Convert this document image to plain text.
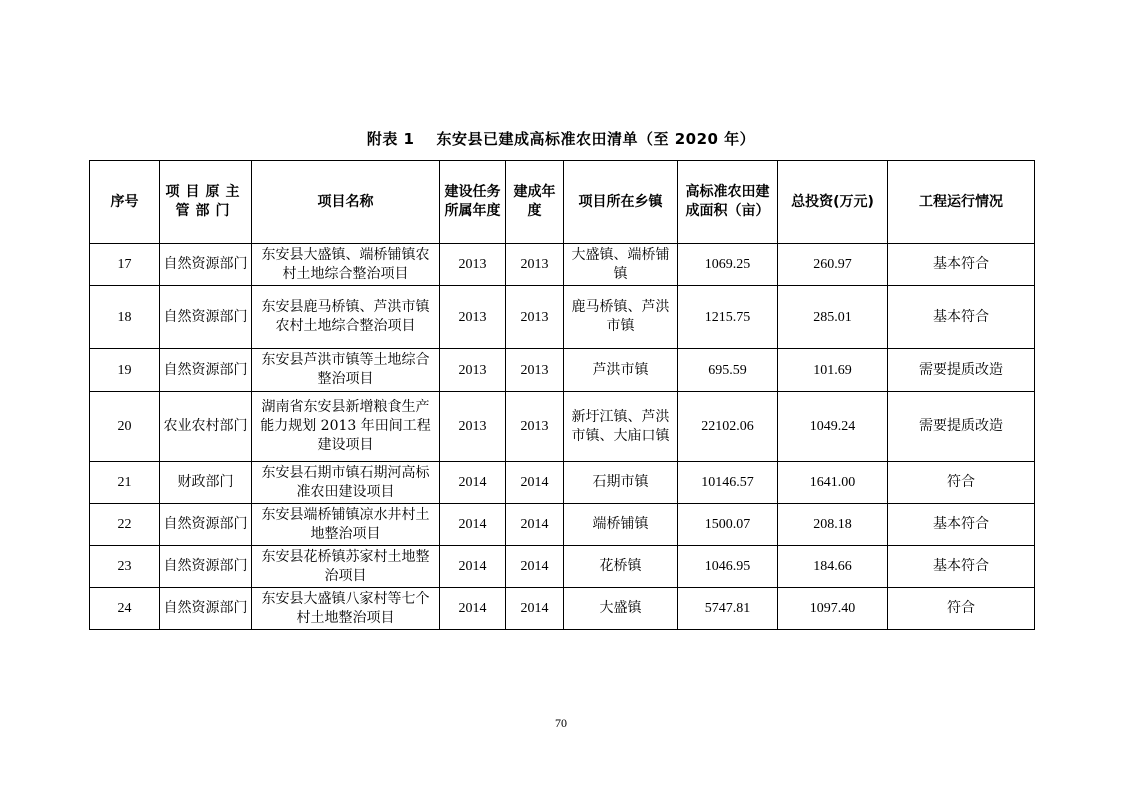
附表 1 东安县已建成高标准农田清单（至 2020 年）
序号	项目原主管部门	项目名称	建设任务所属年度	建成年度	项目所在乡镇	高标准农田建成面积（亩）	总投资(万元)	工程运行情况
17	自然资源部门	东安县大盛镇、端桥铺镇农村土地综合整治项目	2013	2013	大盛镇、端桥铺镇	1069.25	260.97	基本符合
18	自然资源部门	东安县鹿马桥镇、芦洪市镇农村土地综合整治项目	2013	2013	鹿马桥镇、芦洪市镇	1215.75	285.01	基本符合
19	自然资源部门	东安县芦洪市镇等土地综合整治项目	2013	2013	芦洪市镇	695.59	101.69	需要提质改造
20	农业农村部门	湖南省东安县新增粮食生产能力规划 2013 年田间工程建设项目	2013	2013	新圩江镇、芦洪市镇、大庙口镇	22102.06	1049.24	需要提质改造
21	财政部门	东安县石期市镇石期河高标准农田建设项目	2014	2014	石期市镇	10146.57	1641.00	符合
22	自然资源部门	东安县端桥铺镇凉水井村土地整治项目	2014	2014	端桥铺镇	1500.07	208.18	基本符合
23	自然资源部门	东安县花桥镇苏家村土地整治项目	2014	2014	花桥镇	1046.95	184.66	基本符合
24	自然资源部门	东安县大盛镇八家村等七个村土地整治项目	2014	2014	大盛镇	5747.81	1097.40	符合
70
